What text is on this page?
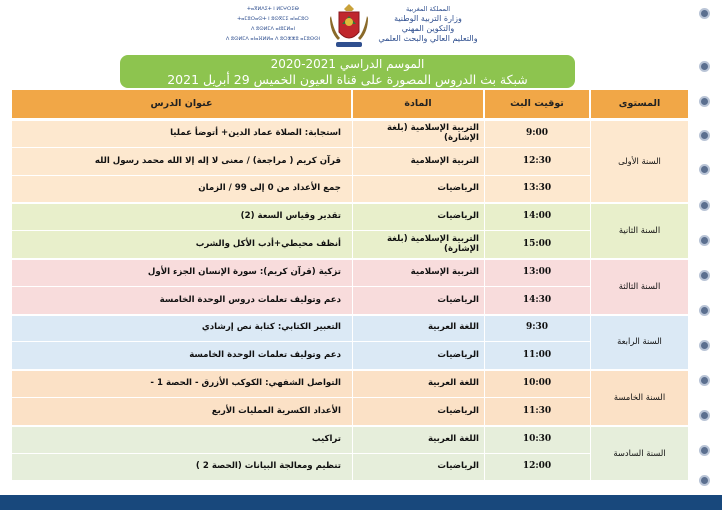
ⵜⴰⴳⵍⴷⵉⵜ ⵏ ⵍⵎⵖⵔⵉⴱ
ⵜⴰⵎⵓⵔⴰⵙⵜ ⵏ ⵓⵙⴳⵎⵉ ⴰⵏⴰⵎⵓⵔ
ⴷ ⵓⵙⵍⵎⴷ ⴰⵏⵓⵎⵍⴰⵏ
ⴷ ⵓⵙⵍⵎⴷ ⴰⵏⴰⴼⵍⵍⴰ ⴷ ⵓⵔⵣⵣⵓ ⴰⵎⵓⵙⵙⵏ
المملكة المغربية
وزارة التربية الوطنية
والتكوين المهني
والتعليم العالي والبحث العلمي
الموسم الدراسي 2021-2020
شبكة بث الدروس المصورة على قناة العيون الخميس 29 أبريل 2021
عنوان الدرس	المادة	توقيت البث	المستوى
السنة الأولى
استجابة: الصلاة عماد الدين+ أتوضأ عمليا	التربية الإسلامية (بلغة الإشارة)	9:00
قرآن كريم ( مراجعة) / معنى لا إله إلا الله محمد رسول الله	التربية الإسلامية	12:30
جمع الأعداد من 0 إلى 99 / الزمان	الرياضيات	13:30
السنة الثانية
تقدير وقياس السعة (2)	الرياضيات	14:00
أنظف محيطي+أدب الأكل والشرب	التربية الإسلامية (بلغة الإشارة)	15:00
السنة الثالثة
تزكية (قرآن كريم): سورة الإنسان الجزء الأول	التربية الإسلامية	13:00
دعم وتوليف تعلمات دروس الوحدة الخامسة	الرياضيات	14:30
السنة الرابعة
التعبير الكتابي: كتابة نص إرشادي	اللغة العربية	9:30
دعم وتوليف تعلمات الوحدة الخامسة	الرياضيات	11:00
السنة الخامسة
التواصل الشفهي: الكوكب الأزرق - الحصة 1 -	اللغة العربية	10:00
الأعداد الكسرية العمليات الأربع	الرياضيات	11:30
السنة السادسة
تراكيب	اللغة العربية	10:30
تنظيم ومعالجة البيانات (الحصة 2 )	الرياضيات	12:00
